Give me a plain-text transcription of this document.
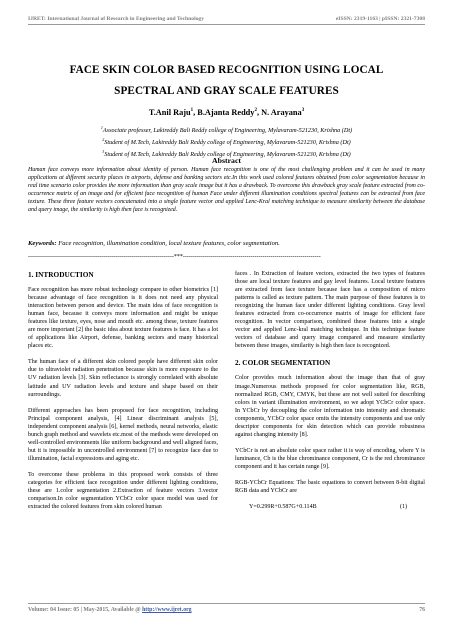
IJRET: International Journal of Research in Engineering and Technology	eISSN: 2319-1163 | pISSN: 2321-7308
FACE SKIN COLOR BASED RECOGNITION USING LOCAL
SPECTRAL AND GRAY SCALE FEATURES
T.Anil Raju$^1$, B.Ajanta Reddy$^2$, N. Arayana$^3$
$^1$Associate professer, Lakireddy Bali Reddy college of Engineering, Mylavaram-521230, Krishna (Dt)
$^2$Student of M.Tech, Lakireddy Bali Reddy college of Engineering, Mylavaram-521230, Krishna (Dt)
$^3$Student of M.Tech, Lakireddy Bali Reddy college of Engineering, Mylavaram-521230, Krishna (Dt)
Abstract
Human face conveys more information about identity of person. Human face recognition is one of the most challenging problem and it can be used in many applications at different security places in airports, defense and banking sectors etc.In this work used colored features obtained from color segmentation because in real time scenario color provides the more information than gray scale image but it has a drawback. To overcome this drawback gray scale feature extracted from co-occurrence matrix of an image and for efficient face recognition of human Face under different illumination conditions spectral features can be extracted from face texture. These three feature vectors concatenated into a single feature vector and applied Lenc-Kral matching technique to measure similarity between the database and query image, the similarity is high then face is recognized.
Keywords: Face recognition, illumination condition, local texture features, color segmentation.
-------------------------------------------------------------------------***---------------------------------------------------------------------
1. INTRODUCTION

Face recognition has more robust technology compare to other biometrics [1] because advantage of face recognition is it does not need any physical interaction between person and device. The main idea of face recognition is human face, because it conveys more information and might be unique features like texture, eyes, nose and mouth etc. among these, texture features are more important [2] the basic idea about texture features is face. It has a lot of applications like Airport, defense, banking sectors and many historical places etc.

The human face of a different skin colored people have different skin color due to ultraviolet radiation penetration because skin is more exposure to the UV radiation levels [3]. Skin reflectance is strongly correlated with absolute latitude and UV radiation levels and texture and shape based on their surroundings.

Different approaches has been proposed for face recognition, including Principal component analysis, [4] Linear discriminant analysis [5], independent component analysis [6], kernel methods, neural networks, elastic bunch graph method and wavelets etc.most of the methods were developed on well-controlled environments like uniform background and well aligned faces, but it is impossible in uncontrolled environment [7] to recognize face due to illumination, facial expressions and aging etc.

To overcome these problems in this proposed work consists of three categories for efficient face recognition under different lighting conditions, these are 1.color segmentation 2.Extraction of feature vectors 3.vector comparison.In color segmentation YCbCr color space model was used for extracted the colored features from skin colored human

faces . In Extraction of feature vectors, extracted the two types of features those are local texture features and gay level features. Local texture features are extracted from face texture because face has a composition of micro patterns is called as texture pattern. The main purpose of these features is to recognizing the human face under different lighting conditions. Gray level features extracted from co-occurrence matrix of image for efficient face recognition. In vector comparison, combined these features into a single vector and applied Lenc-kral matching technique. In this technique feature vectors of database and query image compared and measure similarity between these images, similarity is high then face is recognized.

2. COLOR SEGMENTATION

Color provides much information about the image than that of gray image.Numerous methods proposed for color segmentation like, RGB, normalized RGB, CMY, CMYK, but these are not well suited for describing colors in variant illumination environment, so we adopt YCbCr color space. In YCbCr by decoupling the color information into intensity and chromatic components, YCbCr color space omits the intensity components and use only descriptor components for skin detection which can provide robustness against changing intensity [8].

YCbCr is not an absolute color space rather it is way of encoding, where Y is luminance, Cb is the blue chrominance component, Cr is the red chrominance component and it has certain range [9].

RGB-YCbCr Equations: The basic equations to convert between 8-bit digital RGB data and YCbCr are

Y=0.299R+0.587G+0.114B	(1)
Volume: 04 Issue: 05 | May-2015, Available @ http://www.ijret.org	76
